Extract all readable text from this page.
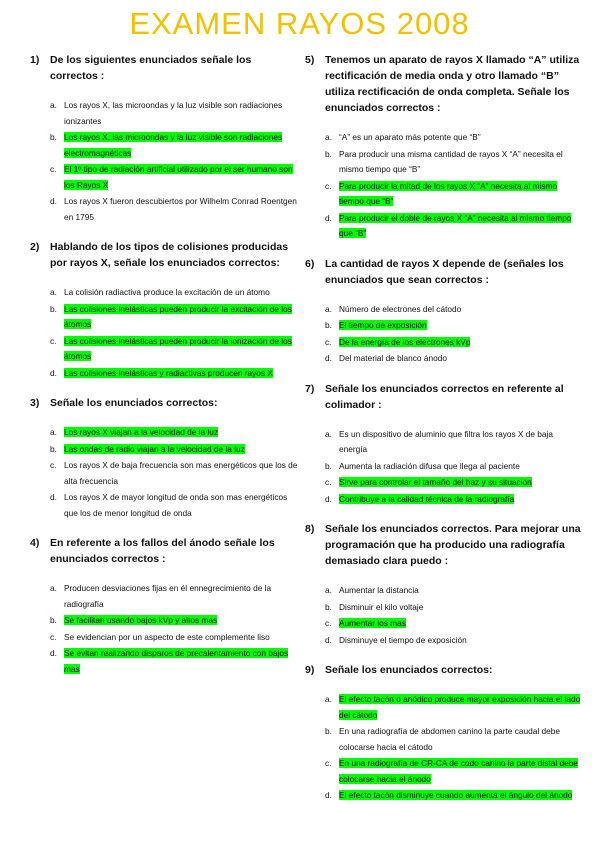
EXAMEN RAYOS 2008
1)	De los siguientes enunciados señale los correctos :
a. Los rayos X, las microondas y la luz visible son radiaciones ionizantes
b. Los rayos X, las microondas y la luz visible son radiaciones electromagnéticas
c. El 1º tipo de radiación artificial utilizado por el ser humano son los Rayos X
d. Los rayos X fueron descubiertos por Wilhelm Conrad Roentgen en 1795
2)	Hablando de los tipos de colisiones producidas por rayos X, señale los enunciados correctos:
a. La colisión radiactiva produce la excitación de un átomo
b. Las colisiones inelásticas pueden producir la excitación de los átomos
c. Las colisiones inelásticas pueden producir la ionización de los átomos
d. Las colisiones inelásticas y radiactivas producen rayos X
3)	Señale los enunciados correctos:
a. Los rayos X viajan a la velocidad de la luz
b. Las ondas de radio viajan a la velocidad de la luz
c. Los rayos X de baja frecuencia son mas energéticos que los de alta frecuencia
d. Los rayos X de mayor longitud de onda son mas energéticos que los de menor longitud de onda
4)	En referente a los fallos del ánodo señale los enunciados correctos :
a. Producen desviaciones fijas en él ennegrecimiento de la radiografía
b. Se facilitan usando bajos kVp y altos mas
c. Se evidencian por un aspecto de este complemente liso
d. Se evitan realizando disparos de precalentamiento con bajos mas
5)	Tenemos un aparato de rayos X llamado “A” utiliza rectificación de media onda y otro llamado “B” utiliza rectificación de onda completa. Señale los enunciados correctos :
a. “A” es un aparato más potente que “B”
b. Para producir una misma cantidad de rayos X “A” necesita el mismo tiempo que “B”
c. Para producir la mitad de los rayos X “A” necesita al mismo tiempo que “B”
d. Para producir el doble de rayos X “A” necesita al mismo tiempo que “B”
6)	La cantidad de rayos X depende de (señales los enunciados que sean correctos :
a. Número de electrones del cátodo
b. El tiempo de exposición
c. De la energía de los electrones kVp
d. Del material de blanco ánodo
7)	Señale los enunciados correctos en referente al colimador :
a. Es un dispositivo de aluminio que filtra los rayos X de baja energía
b. Aumenta la radiación difusa que llega al paciente
c. Sirve para controlar el tamaño del haz y su situación
d. Contribuye a la calidad técnica de la radiografía
8)	Señale los enunciados correctos. Para mejorar una programación que ha producido una radiografía demasiado clara puedo :
a. Aumentar la distancia
b. Disminuir el kilo voltaje
c. Aumentar los mas
d. Disminuye el tiempo de exposición
9)	Señale los enunciados correctos:
a. El efecto tacón o anódico produce mayor exposición hacia el lado del cátodo
b. En una radiografía de abdomen canino la parte caudal debe colocarse hacia el cátodo
c. En una radiografía de CR-CA de codo canino la parte distal debe colocarse hacia el ánodo
d. El efecto tacón disminuye cuando aumenta el ángulo del ánodo
